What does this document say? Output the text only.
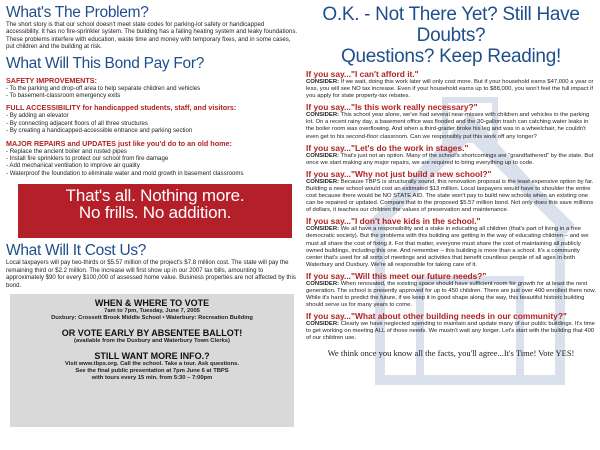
What's The Problem?
The short story is that our school doesn't meet state codes for parking-lot safety or handicapped accessibility. It has no fire-sprinkler system. The building has a failing heating system and leaky foundations. These problems interfere with education, waste time and money with temporary fixes, and in some cases, put children and the building at risk.
What Will This Bond Pay For?
SAFETY IMPROVEMENTS:
- To the parking and drop-off area to help separate children and vehicles
- To basement-classroom emergency exits
FULL ACCESSIBILITY for handicapped students, staff, and visitors:
- By adding an elevator
- By connecting adjacent floors of all three structures
- By creating a handicapped-accessible entrance and parking section
MAJOR REPAIRS and UPDATES just like you'd do to an old home:
- Replace the ancient boiler and rusted pipes
- Install fire sprinklers to protect our school from fire damage
- Add mechanical ventilation to improve air quality
- Waterproof the foundation to eliminate water and mold growth in basement classrooms
That's all. Nothing more.
No frills. No addition.
What Will It Cost Us?
Local taxpayers will pay two-thirds or $5.57 million of the project's $7.8 million cost. The state will pay the remaining third or $2.2 million. The increase will first show up in our 2007 tax bills, amounting to approximately $90 for every $100,000 of assessed home value. Business properties are not affected by this bond.
WHEN & WHERE TO VOTE
7am to 7pm, Tuesday, June 7, 2005
Duxbury: Crossett Brook Middle School • Waterbury: Recreation Building
OR VOTE EARLY BY ABSENTEE BALLOT!
(available from the Duxbury and Waterbury Town Clerks)
STILL WANT MORE INFO.?
Visit www.tbps.org. Call the school. Take a tour. Ask questions.
See the final public presentation at 7pm June 6 at TBPS
with tours every 15 min. from 5:30 – 7:00pm
O.K. - Not There Yet? Still Have Doubts?
Questions? Keep Reading!
If you say..."I can't afford it."
CONSIDER: If we wait, doing this work later will only cost more. But if your household earns $47,000 a year or less, you will see NO tax increase. Even if your household earns up to $88,000, you won't feel the full impact if you apply for state property-tax rebates.
If you say..."Is this work really necessary?"
CONSIDER: This school year alone, we've had several near-misses with children and vehicles in the parking lot. On a recent rainy day, a basement office was flooded and the 30-gallon trash can catching water leaks in the boiler room was overflowing. And when a third-grader broke his leg and was in a wheelchair, he couldn't even get to his second-floor classroom. Can we responsibly put this work off any longer?
If you say..."Let's do the work in stages."
CONSIDER: That's just not an option. Many of the school's shortcomings are "grandfathered" by the state. But once we start making any major repairs, we are required to bring everything up to code.
If you say..."Why not just build a new school?"
CONSIDER: Because TBPS is structurally sound, this renovation proposal is the least expensive option by far. Building a new school would cost an estimated $13 million. Local taxpayers would have to shoulder the entire cost because there would be NO STATE AID. The state won't pay to build new schools when an existing one can be repaired or updated. Compare that to the proposed $5.57 million bond. Not only does this save millions of dollars, it teaches our children the values of preservation and maintenance.
If you say..."I don't have kids in the school."
CONSIDER: We all have a responsibility and a stake in educating all children (that's part of living in a free democratic society). But the problems with this building are getting in the way of educating children – and we must all share the cost of fixing it. For that matter, everyone must share the cost of maintaining all publicly owned buildings, including this one. And remember – this building is more than a school. It's a community center that's used for all sorts of meetings and activities that benefit countless people of all ages in both Waterbury and Duxbury. We're all responsible for taking care of it.
If you say..."Will this meet our future needs?"
CONSIDER: When renovated, the existing space should have sufficient room for growth for at least the next generation. The school is presently approved for up to 450 children. There are just over 400 enrolled there now. While it's hard to predict the future, if we keep it in good shape along the way, this beautiful historic building should serve us for many years to come.
If you say..."What about other building needs in our community?"
CONSIDER: Clearly we have neglected spending to maintain and update many of our public buildings. It's time to get working on meeting ALL of those needs. We mustn't wait any longer. Let's start with the building that 400 of our children use.
We think once you know all the facts, you'll agree...It's Time! Vote YES!
